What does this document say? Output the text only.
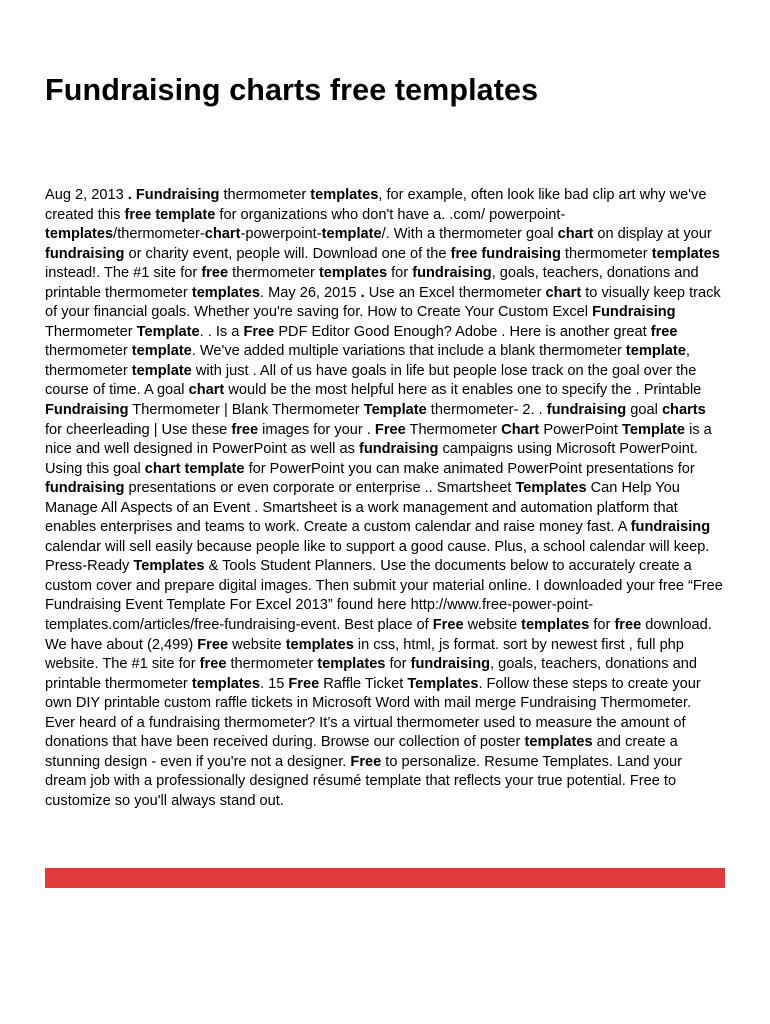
Fundraising charts free templates

Aug 2, 2013 . Fundraising thermometer templates, for example, often look like bad clip art why we've created this free template for organizations who don't have a. .com/ powerpoint-templates/thermometer-chart-powerpoint-template/. With a thermometer goal chart on display at your fundraising or charity event, people will. Download one of the free fundraising thermometer templates instead!. The #1 site for free thermometer templates for fundraising, goals, teachers, donations and printable thermometer templates. May 26, 2015 . Use an Excel thermometer chart to visually keep track of your financial goals. Whether you're saving for. How to Create Your Custom Excel Fundraising Thermometer Template. . Is a Free PDF Editor Good Enough? Adobe . Here is another great free thermometer template. We've added multiple variations that include a blank thermometer template, thermometer template with just . All of us have goals in life but people lose track on the goal over the course of time. A goal chart would be the most helpful here as it enables one to specify the . Printable Fundraising Thermometer | Blank Thermometer Template thermometer- 2. . fundraising goal charts for cheerleading | Use these free images for your . Free Thermometer Chart PowerPoint Template is a nice and well designed in PowerPoint as well as fundraising campaigns using Microsoft PowerPoint. Using this goal chart template for PowerPoint you can make animated PowerPoint presentations for fundraising presentations or even corporate or enterprise .. Smartsheet Templates Can Help You Manage All Aspects of an Event . Smartsheet is a work management and automation platform that enables enterprises and teams to work. Create a custom calendar and raise money fast. A fundraising calendar will sell easily because people like to support a good cause. Plus, a school calendar will keep. Press-Ready Templates & Tools Student Planners. Use the documents below to accurately create a custom cover and prepare digital images. Then submit your material online. I downloaded your free “Free Fundraising Event Template For Excel 2013” found here http://www.free-power-point-templates.com/articles/free-fundraising-event. Best place of Free website templates for free download. We have about (2,499) Free website templates in css, html, js format. sort by newest first , full php website. The #1 site for free thermometer templates for fundraising, goals, teachers, donations and printable thermometer templates. 15 Free Raffle Ticket Templates. Follow these steps to create your own DIY printable custom raffle tickets in Microsoft Word with mail merge Fundraising Thermometer. Ever heard of a fundraising thermometer? It’s a virtual thermometer used to measure the amount of donations that have been received during. Browse our collection of poster templates and create a stunning design - even if you're not a designer. Free to personalize. Resume Templates. Land your dream job with a professionally designed résumé template that reflects your true potential. Free to customize so you'll always stand out.
